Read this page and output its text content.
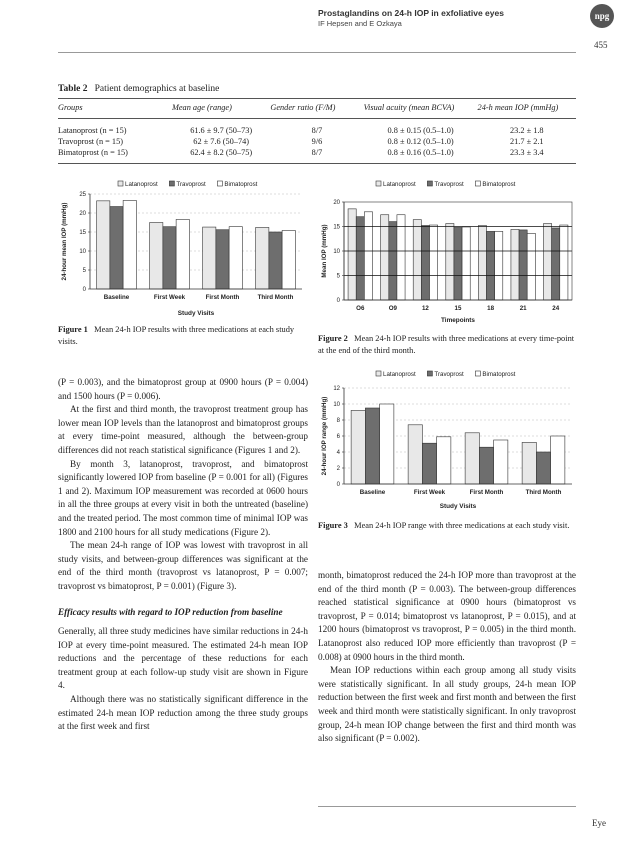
Prostaglandins on 24-h IOP in exfoliative eyes
IF Hepsen and E Ozkaya
npg
455
Table 2 Patient demographics at baseline
Groups	Mean age (range)	Gender ratio (F/M)	Visual acuity (mean BCVA)	24-h mean IOP (mmHg)
Latanoprost (n = 15)	61.6 ± 9.7 (50–73)	8/7	0.8 ± 0.15 (0.5–1.0)	23.2 ± 1.8
Travoprost (n = 15)	62 ± 7.6 (50–74)	9/6	0.8 ± 0.12 (0.5–1.0)	21.7 ± 2.1
Bimatoprost (n = 15)	62.4 ± 8.2 (50–75)	8/7	0.8 ± 0.16 (0.5–1.0)	23.3 ± 3.4
Latanoprost	Travoprost	Bimatoprost
0
5
10
15
20
25
Baseline	First Week	First Month	Third Month
Study Visits
24-hour mean IOP (mmHg)
Figure 1 Mean 24-h IOP results with three medications at each study visits.
Latanoprost	Travoprost	Bimatoprost
0
5
10
15
20
O6	O9	12	15	18	21	24
Timepoints
Mean IOP (mmHg)
Figure 2 Mean 24-h IOP results with three medications at every time-point at the end of the third month.
Latanoprost	Travoprost	Bimatoprost
0
2
4
6
8
10
12
Baseline	First Week	First Month	Third Month
Study Visits
24-hour IOP range (mmHg)
Figure 3 Mean 24-h IOP range with three medications at each study visit.

(P = 0.003), and the bimatoprost group at 0900 hours (P = 0.004) and 1500 hours (P = 0.006).

At the first and third month, the travoprost treatment group has lower mean IOP levels than the latanoprost and bimatoprost groups at every time-point measured, although the between-group differences did not reach statistical significance (Figures 1 and 2).

By month 3, latanoprost, travoprost, and bimatoprost significantly lowered IOP from baseline (P = 0.001 for all) (Figures 1 and 2). Maximum IOP measurement was recorded at 0600 hours in all the three groups at every visit in both the untreated (baseline) and the treated period. The most common time of minimal IOP was 1800 and 2100 hours for all study medications (Figure 2).

The mean 24-h range of IOP was lowest with travoprost in all study visits, and between-group differences was significant at the end of the third month (travoprost vs latanoprost, P = 0.007; travoprost vs bimatoprost, P = 0.001) (Figure 3).

Efficacy results with regard to IOP reduction from baseline

Generally, all three study medicines have similar reductions in 24-h IOP at every time-point measured. The estimated 24-h mean IOP reductions and the percentage of these reductions for each treatment group at each follow-up study visit are shown in Figure 4.

Although there was no statistically significant difference in the estimated 24-h mean IOP reduction among the three study groups at the first week and first

month, bimatoprost reduced the 24-h IOP more than travoprost at the end of the third month (P = 0.003). The between-group differences reached statistical significance at 0900 hours (bimatoprost vs travoprost, P = 0.014; bimatoprost vs latanoprost, P = 0.015), and at 1200 hours (bimatoprost vs travoprost, P = 0.005) in the third month. Latanoprost also reduced IOP more efficiently than travoprost (P = 0.008) at 0900 hours in the third month.

Mean IOP reductions within each group among all study visits were statistically significant. In all study groups, 24-h mean IOP reduction between the first week and first month and between the first week and third month were statistically significant. In only travoprost group, 24-h mean IOP change between the first and third month was also significant (P = 0.002).

Eye
